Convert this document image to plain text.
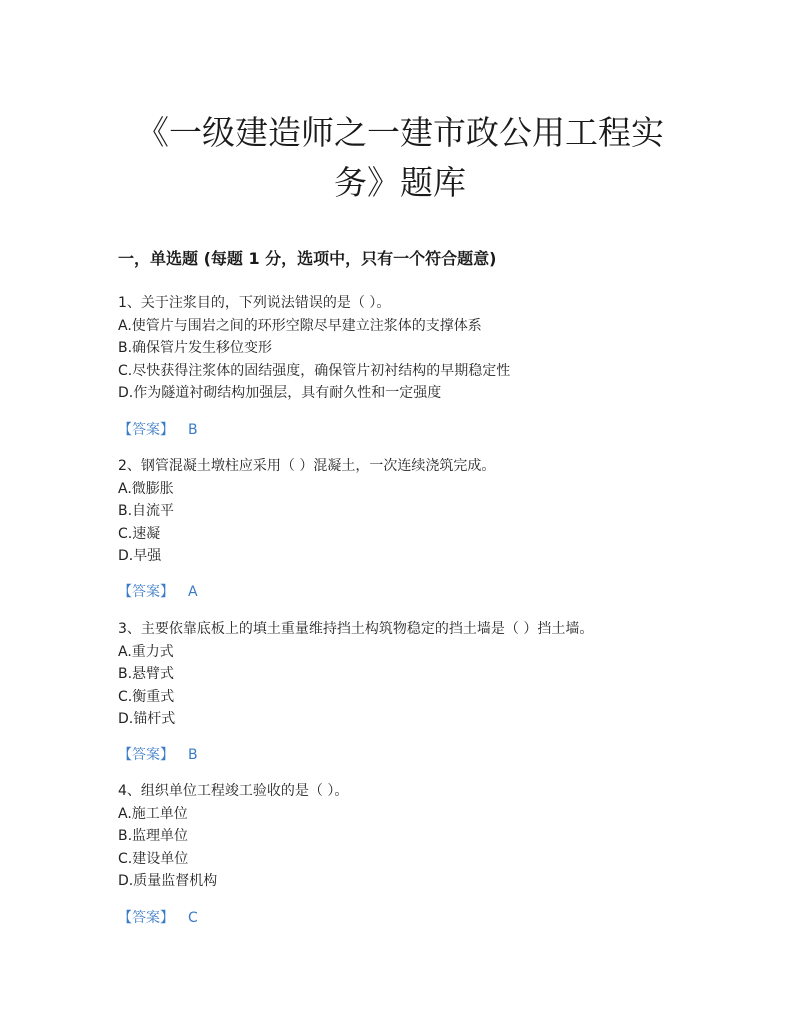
《一级建造师之一建市政公用工程实
务》题库
一，单选题 (每题 1 分，选项中，只有一个符合题意)

1、关于注浆目的，下列说法错误的是（ ）。

A.使管片与围岩之间的环形空隙尽早建立注浆体的支撑体系

B.确保管片发生移位变形

C.尽快获得注浆体的固结强度，确保管片初衬结构的早期稳定性

D.作为隧道衬砌结构加强层，具有耐久性和一定强度

【答案】 B

2、钢管混凝土墩柱应采用（ ）混凝土，一次连续浇筑完成。

A.微膨胀

B.自流平

C.速凝

D.早强

【答案】 A

3、主要依靠底板上的填土重量维持挡土构筑物稳定的挡土墙是（ ）挡土墙。

A.重力式

B.悬臂式

C.衡重式

D.锚杆式

【答案】 B

4、组织单位工程竣工验收的是（ ）。

A.施工单位

B.监理单位

C.建设单位

D.质量监督机构

【答案】 C
